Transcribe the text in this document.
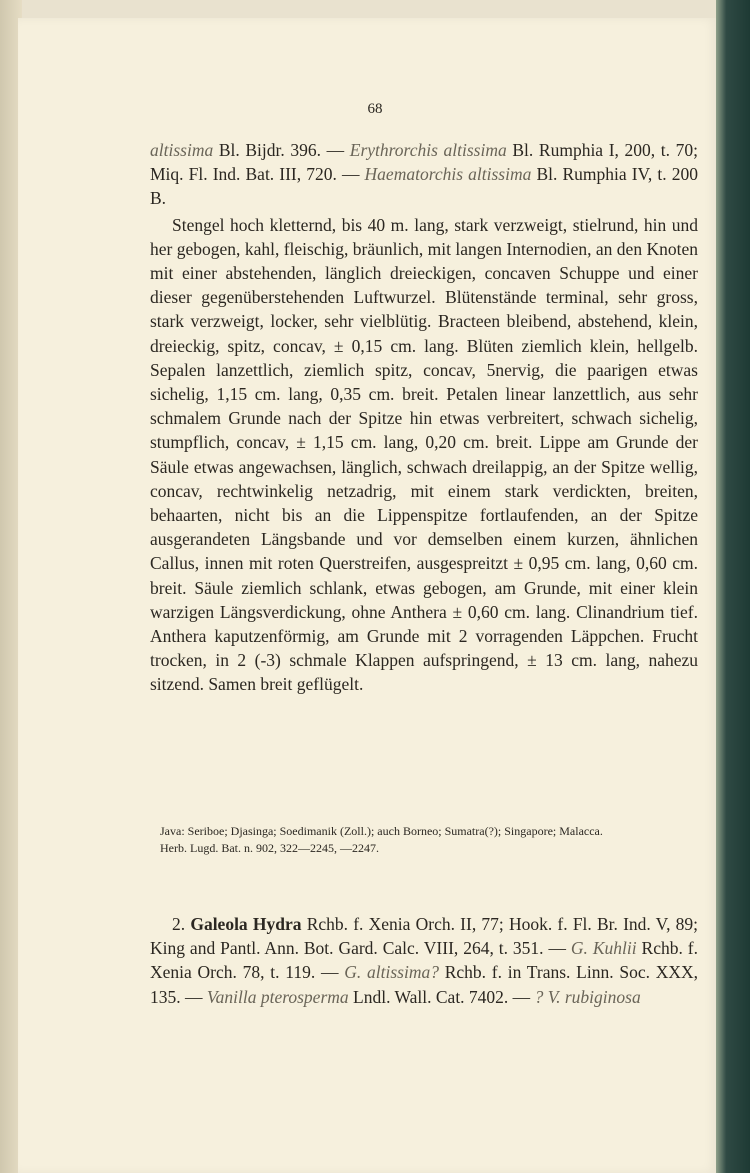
68

altissima Bl. Bijdr. 396. — Erythrorchis altissima Bl. Rumphia I, 200, t. 70; Miq. Fl. Ind. Bat. III, 720. — Haematorchis altissima Bl. Rumphia IV, t. 200 B.

Stengel hoch kletternd, bis 40 m. lang, stark verzweigt, stielrund, hin und her gebogen, kahl, fleischig, bräunlich, mit langen Internodien, an den Knoten mit einer abstehenden, länglich dreieckigen, concaven Schuppe und einer dieser gegenüberstehenden Luftwurzel. Blütenstände terminal, sehr gross, stark verzweigt, locker, sehr vielblütig. Bracteen bleibend, abstehend, klein, dreieckig, spitz, concav, ± 0,15 cm. lang. Blüten ziemlich klein, hellgelb. Sepalen lanzettlich, ziemlich spitz, concav, 5nervig, die paarigen etwas sichelig, 1,15 cm. lang, 0,35 cm. breit. Petalen linear lanzettlich, aus sehr schmalem Grunde nach der Spitze hin etwas verbreitert, schwach sichelig, stumpflich, concav, ± 1,15 cm. lang, 0,20 cm. breit. Lippe am Grunde der Säule etwas angewachsen, länglich, schwach dreilappig, an der Spitze wellig, concav, rechtwinkelig netzadrig, mit einem stark verdickten, breiten, behaarten, nicht bis an die Lippenspitze fortlaufenden, an der Spitze ausgerandeten Längsbande und vor demselben einem kurzen, ähnlichen Callus, innen mit roten Querstreifen, ausgespreitzt ± 0,95 cm. lang, 0,60 cm. breit. Säule ziemlich schlank, etwas gebogen, am Grunde, mit einer klein warzigen Längsverdickung, ohne Anthera ± 0,60 cm. lang. Clinandrium tief. Anthera kaputzenförmig, am Grunde mit 2 vorragenden Läppchen. Frucht trocken, in 2 (-3) schmale Klappen aufspringend, ± 13 cm. lang, nahezu sitzend. Samen breit geflügelt.

Java: Seriboe; Djasinga; Soedimanik (Zoll.); auch Borneo; Sumatra(?); Singapore; Malacca.

Herb. Lugd. Bat. n. 902, 322—2245, —2247.

2. Galeola Hydra Rchb. f. Xenia Orch. II, 77; Hook. f. Fl. Br. Ind. V, 89; King and Pantl. Ann. Bot. Gard. Calc. VIII, 264, t. 351. — G. Kuhlii Rchb. f. Xenia Orch. 78, t. 119. — G. altissima? Rchb. f. in Trans. Linn. Soc. XXX, 135. — Vanilla pterosperma Lndl. Wall. Cat. 7402. — ? V. rubiginosa
